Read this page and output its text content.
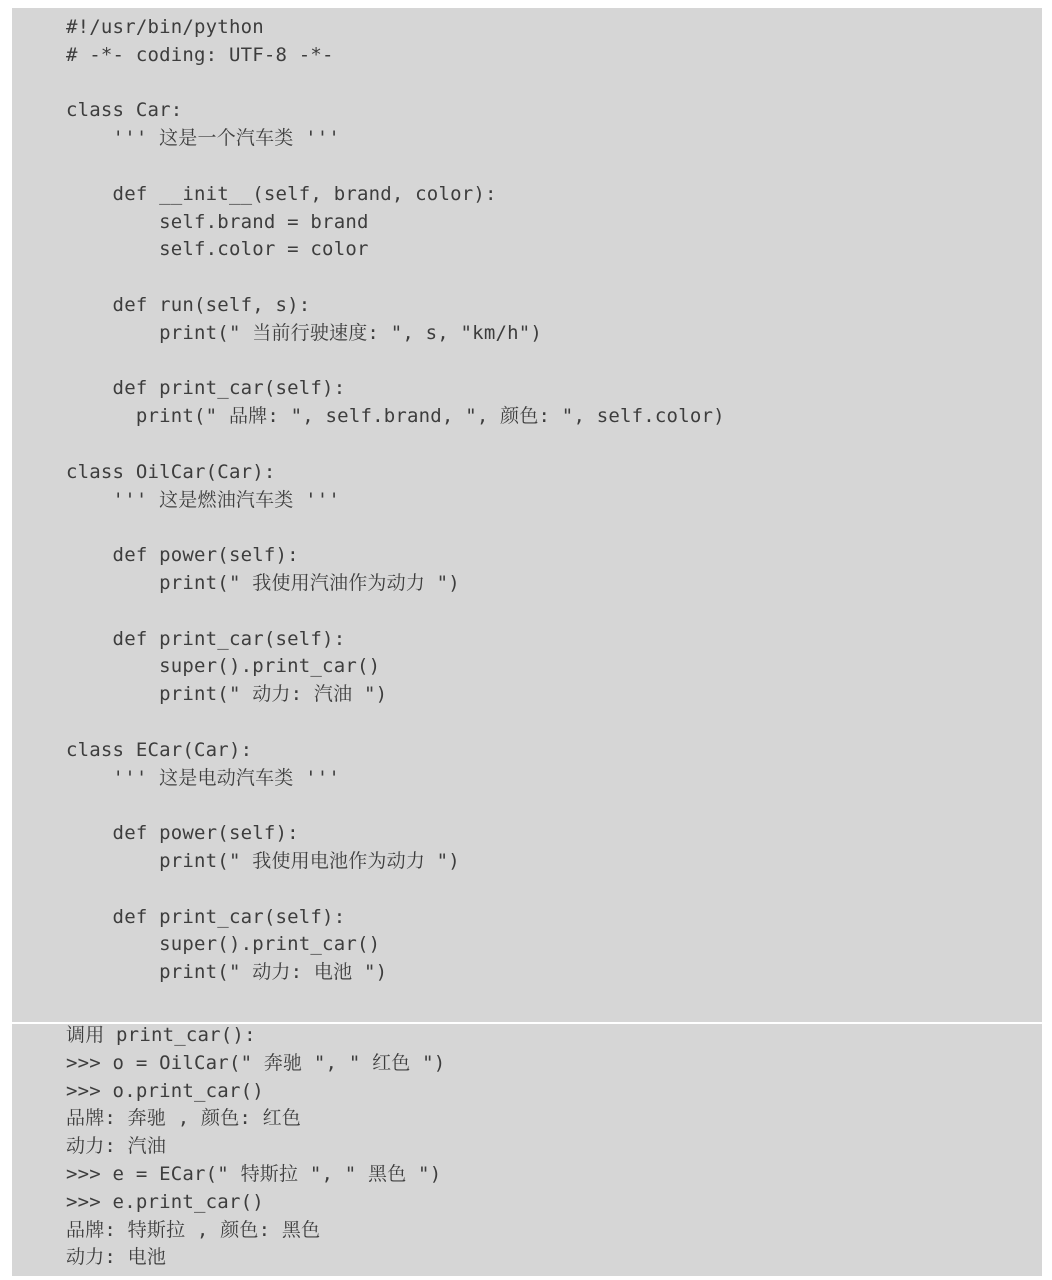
#!/usr/bin/python
# -*- coding: UTF-8 -*-
class Car:
''' 这是一个汽车类 '''
def __init__(self, brand, color):
self.brand = brand
self.color = color
def run(self, s):
print(" 当前行驶速度: ", s, "km/h")
def print_car(self):
print(" 品牌: ", self.brand, ", 颜色: ", self.color)
class OilCar(Car):
''' 这是燃油汽车类 '''
def power(self):
print(" 我使用汽油作为动力 ")
def print_car(self):
super().print_car()
print(" 动力: 汽油 ")
class ECar(Car):
''' 这是电动汽车类 '''
def power(self):
print(" 我使用电池作为动力 ")
def print_car(self):
super().print_car()
print(" 动力: 电池 ")
调用 print_car():
>>> o = OilCar(" 奔驰 ", " 红色 ")
>>> o.print_car()
品牌: 奔驰 , 颜色: 红色
动力: 汽油
>>> e = ECar(" 特斯拉 ", " 黑色 ")
>>> e.print_car()
品牌: 特斯拉 , 颜色: 黑色
动力: 电池
